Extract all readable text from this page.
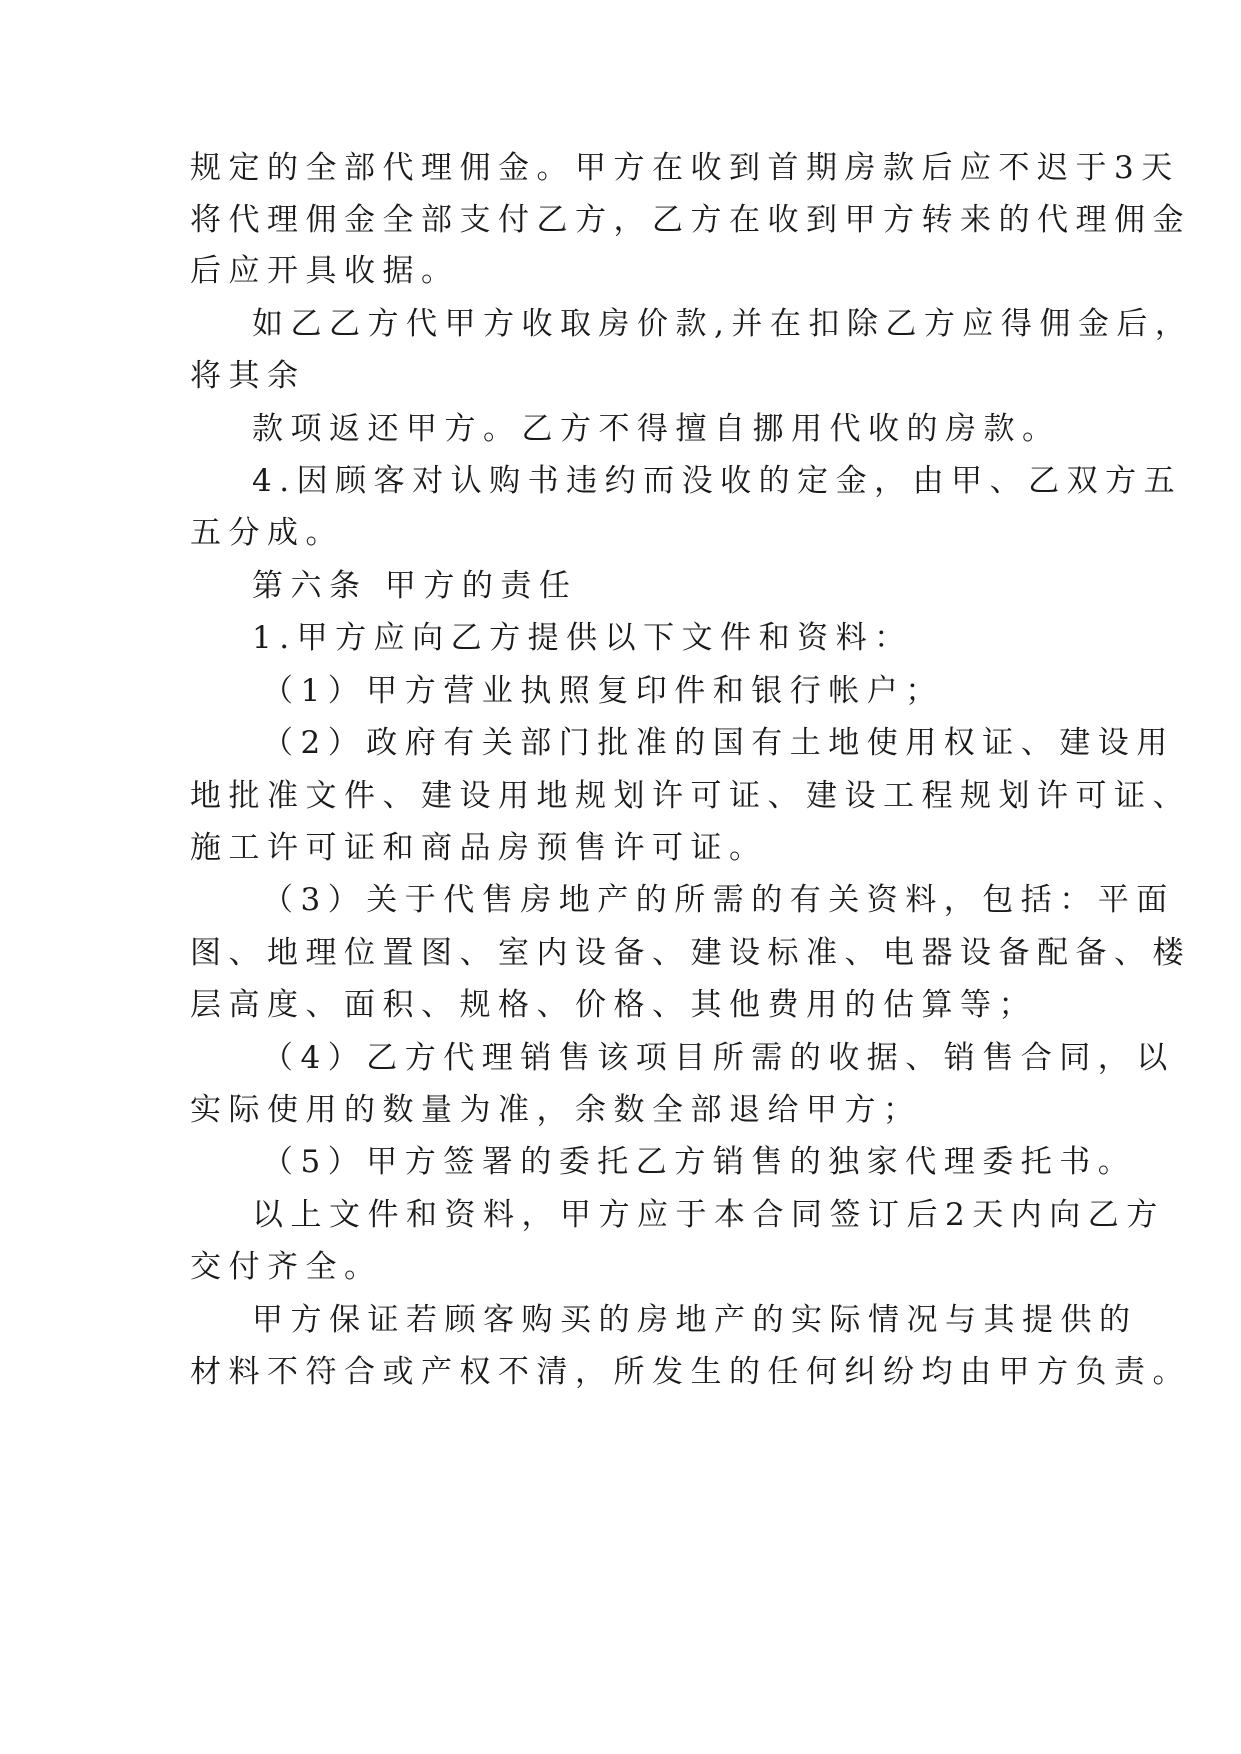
规定的全部代理佣金。甲方在收到首期房款后应不迟于3天
将代理佣金全部支付乙方，乙方在收到甲方转来的代理佣金
后应开具收据。
如乙乙方代甲方收取房价款,并在扣除乙方应得佣金后，
将其余
款项返还甲方。乙方不得擅自挪用代收的房款。
4.因顾客对认购书违约而没收的定金，由甲、乙双方五
五分成。
第六条 甲方的责任
1.甲方应向乙方提供以下文件和资料：
（1）甲方营业执照复印件和银行帐户；
（2）政府有关部门批准的国有土地使用权证、建设用
地批准文件、建设用地规划许可证、建设工程规划许可证、
施工许可证和商品房预售许可证。
（3）关于代售房地产的所需的有关资料，包括：平面
图、地理位置图、室内设备、建设标准、电器设备配备、楼
层高度、面积、规格、价格、其他费用的估算等；
（4）乙方代理销售该项目所需的收据、销售合同，以
实际使用的数量为准，余数全部退给甲方；
（5）甲方签署的委托乙方销售的独家代理委托书。
以上文件和资料，甲方应于本合同签订后2天内向乙方
交付齐全。
甲方保证若顾客购买的房地产的实际情况与其提供的
材料不符合或产权不清，所发生的任何纠纷均由甲方负责。
